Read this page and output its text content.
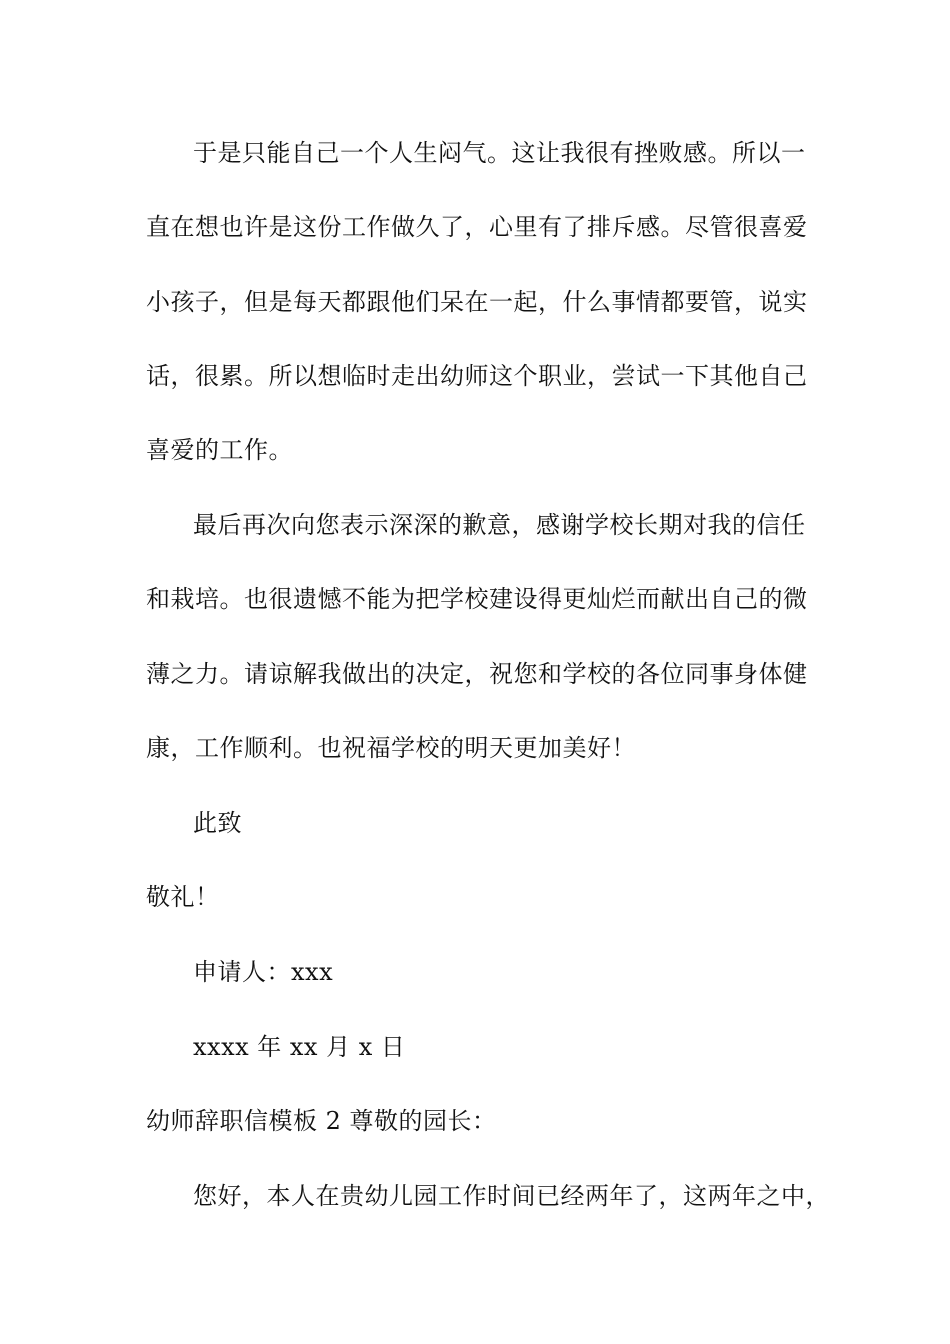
于是只能自己一个人生闷气。这让我很有挫败感。所以一
直在想也许是这份工作做久了，心里有了排斥感。尽管很喜爱
小孩子，但是每天都跟他们呆在一起，什么事情都要管，说实
话，很累。所以想临时走出幼师这个职业，尝试一下其他自己
喜爱的工作。
最后再次向您表示深深的歉意，感谢学校长期对我的信任
和栽培。也很遗憾不能为把学校建设得更灿烂而献出自己的微
薄之力。请谅解我做出的决定，祝您和学校的各位同事身体健
康，工作顺利。也祝福学校的明天更加美好！
此致
敬礼！
申请人：xxx
xxxx 年 xx 月 x 日
幼师辞职信模板 2 尊敬的园长：
您好，本人在贵幼儿园工作时间已经两年了，这两年之中，
